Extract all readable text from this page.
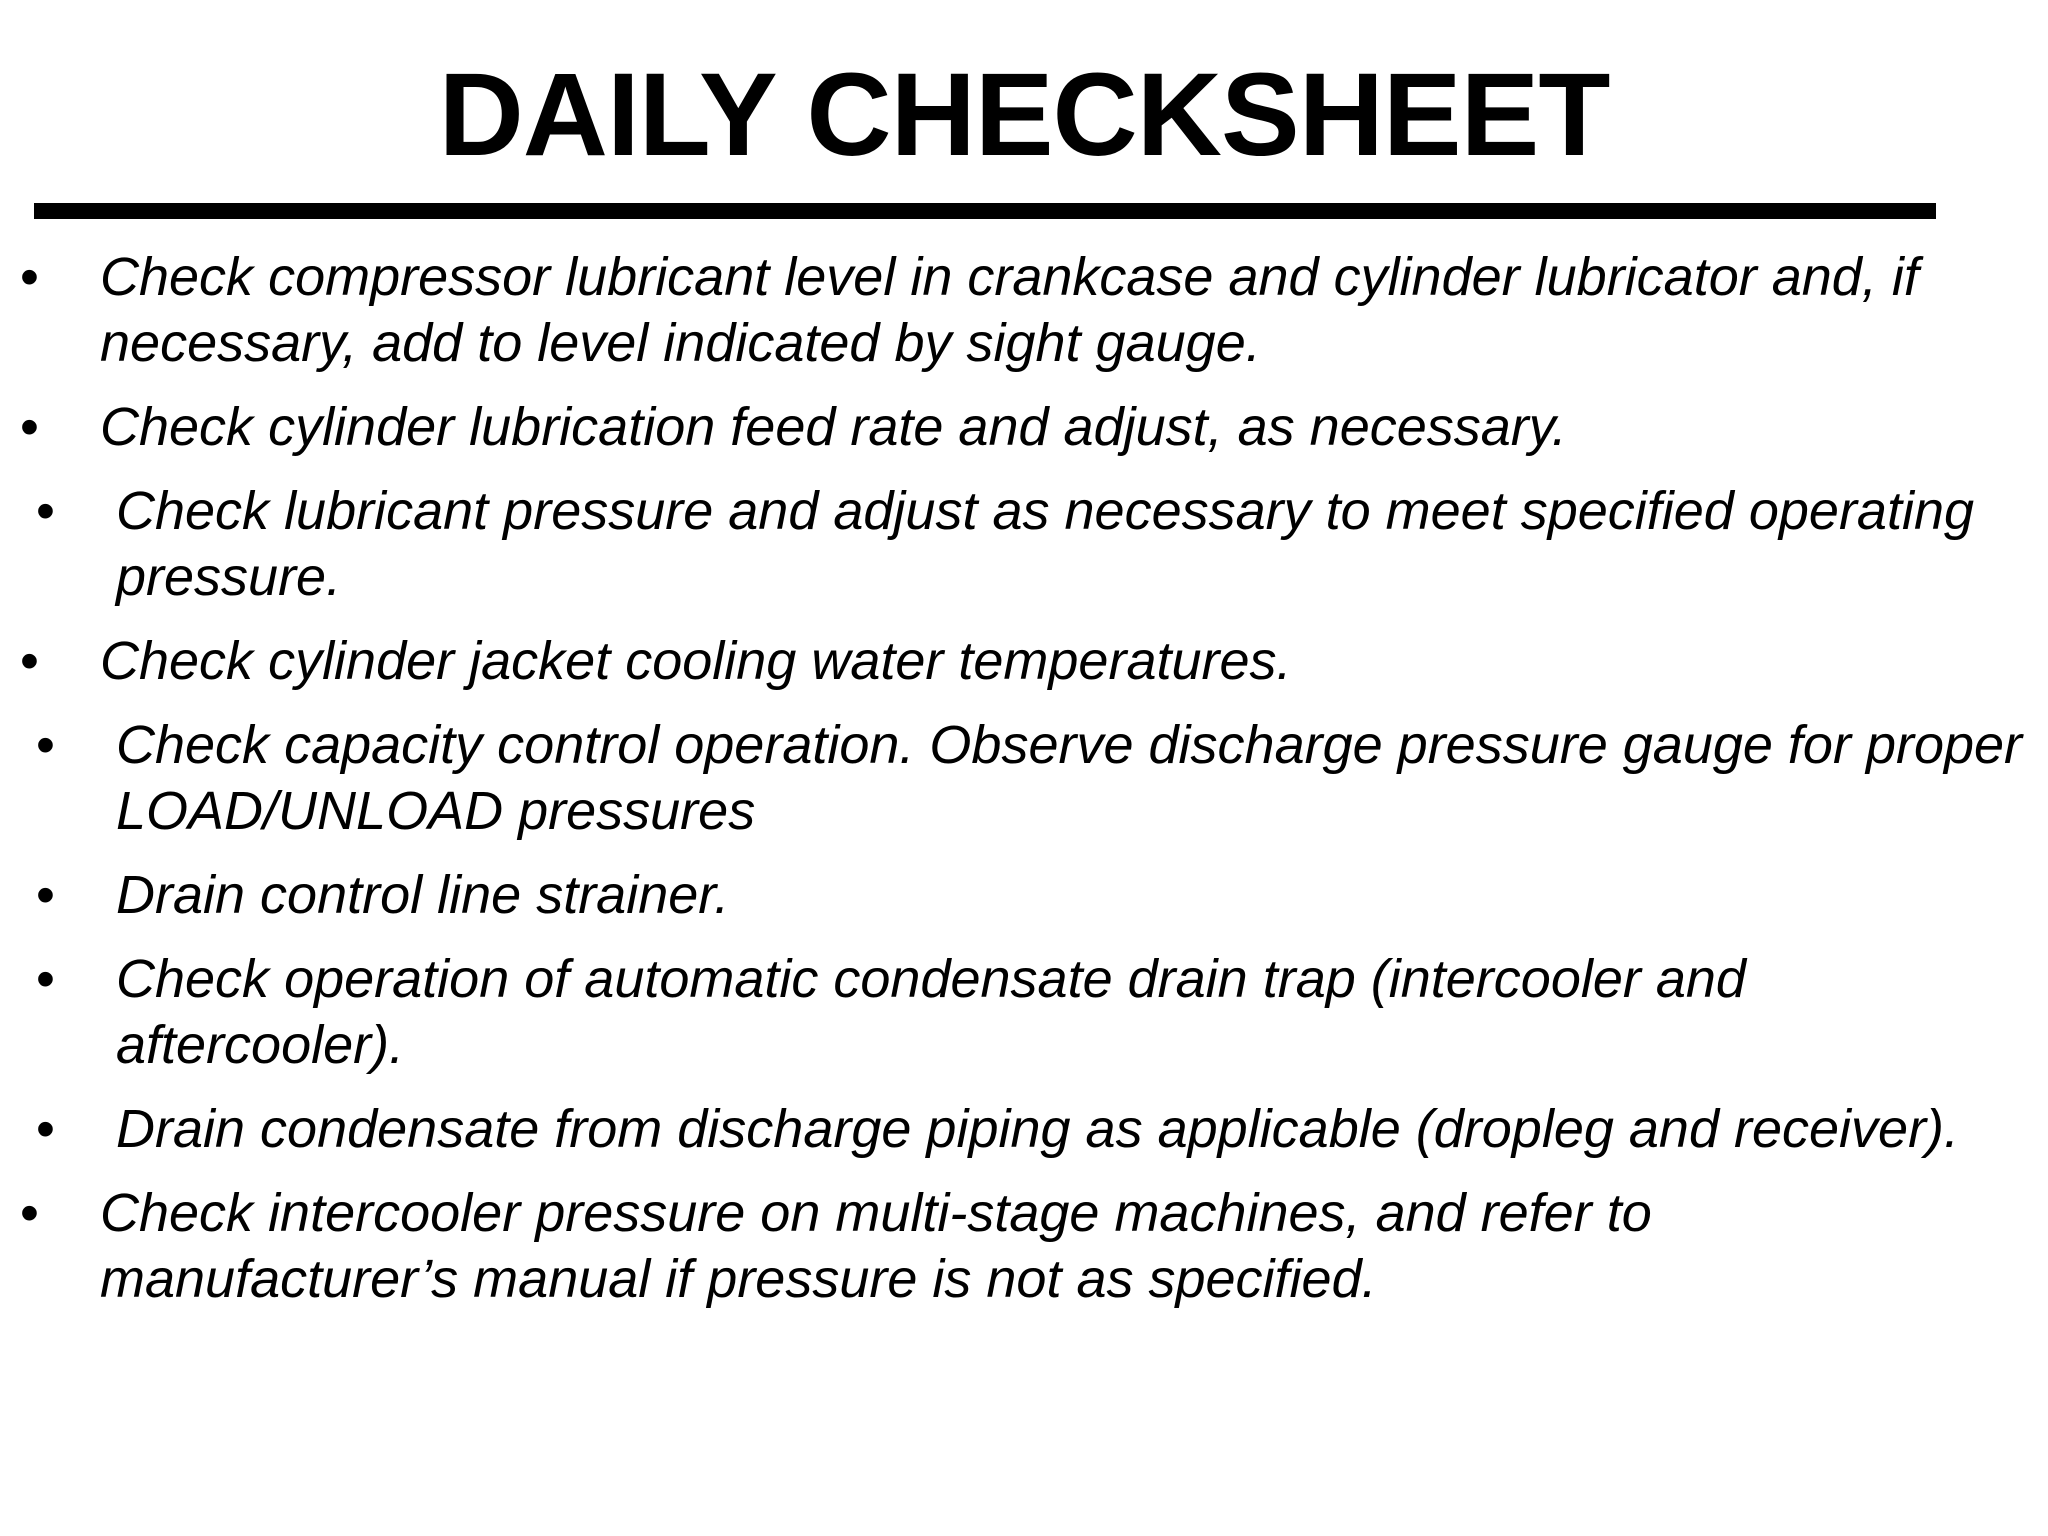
DAILY CHECKSHEET
• Check compressor lubricant level in crankcase and cylinder lubricator and, if necessary, add to level indicated by sight gauge.
• Check cylinder lubrication feed rate and adjust, as necessary.
• Check lubricant pressure and adjust as necessary to meet specified operating pressure.
• Check cylinder jacket cooling water temperatures.
• Check capacity control operation. Observe discharge pressure gauge for proper LOAD/UNLOAD pressures
• Drain control line strainer.
• Check operation of automatic condensate drain trap (intercooler and aftercooler).
• Drain condensate from discharge piping as applicable (dropleg and receiver).
• Check intercooler pressure on multi-stage machines, and refer to manufacturer’s manual if pressure is not as specified.
